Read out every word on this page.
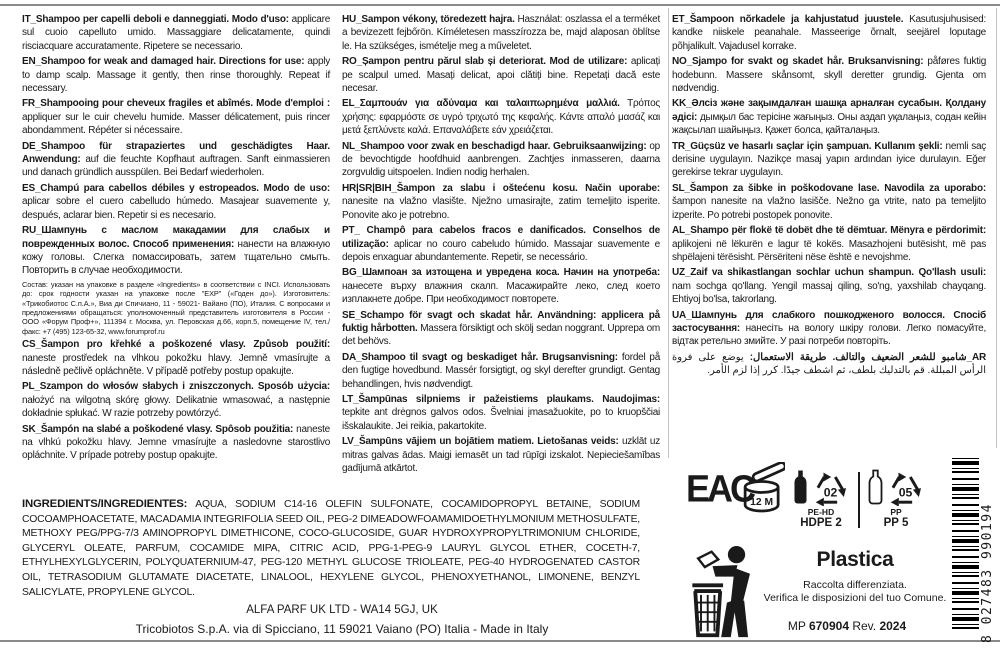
IT_Shampoo per capelli deboli e danneggiati. Modo d'uso: applicare sul cuoio capelluto umido. Massaggiare delicatamente, quindi risciacquare accuratamente. Ripetere se necessario.

EN_Shampoo for weak and damaged hair. Directions for use: apply to damp scalp. Massage it gently, then rinse thoroughly. Repeat if necessary.

FR_Shampooing pour cheveux fragiles et abîmés. Mode d'emploi : appliquer sur le cuir chevelu humide. Masser délicatement, puis rincer abondamment. Répéter si nécessaire.

DE_Shampoo für strapaziertes und geschädigtes Haar. Anwendung: auf die feuchte Kopfhaut auftragen. Sanft einmassieren und danach gründlich ausspülen. Bei Bedarf wiederholen.

ES_Champú para cabellos débiles y estropeados. Modo de uso: aplicar sobre el cuero cabelludo húmedo. Masajear suavemente y, después, aclarar bien. Repetir si es necesario.

RU_Шампунь с маслом макадамии для слабых и поврежденных волос. Способ применения: нанести на влажную кожу головы. Слегка помассировать, затем тщательно смыть. Повторить в случае необходимости.

Состав: указан на упаковке в разделе «Ingredients» в соответствии с INCI. Использовать до: срок годности указан на упаковке после "EXP" («Годен до»). Изготовитель: «Трикобиотос С.п.А.», Виа ди Спичиано, 11 - 59021- Вайано (ПО), Италия. С вопросами и предложениями обращаться: уполномоченный представитель изготовителя в России - ООО «Форум Проф+», 111394 г. Москва, ул. Перовская д.66, корп.5, помещение IV, тел./факс: +7 (495) 123-65-32, www.forumprof.ru

CS_Šampon pro křehké a poškozené vlasy. Způsob použití: naneste prostředek na vlhkou pokožku hlavy. Jemně vmasírujte a následně pečlivě opláchněte. V případě potřeby postup opakujte.

PL_Szampon do włosów słabych i zniszczonych. Sposób użycia: nałożyć na wilgotną skórę głowy. Delikatnie wmasować, a następnie dokładnie spłukać. W razie potrzeby powtórzyć.

SK_Šampón na slabé a poškodené vlasy. Spôsob použitia: naneste na vlhkú pokožku hlavy. Jemne vmasírujte a nasledovne starostlivo opláchnite. V prípade potreby postup opakujte.

HU_Sampon vékony, töredezett hajra. Használat: oszlassa el a terméket a bevizezett fejbőrön. Kíméletesen masszírozza be, majd alaposan öblítse le. Ha szükséges, ismételje meg a műveletet.

RO_Șampon pentru părul slab și deteriorat. Mod de utilizare: aplicați pe scalpul umed. Masați delicat, apoi clătiți bine. Repetați dacă este necesar.

EL_Σαμπουάν για αδύναμα και ταλαιπωρημένα μαλλιά. Τρόπος χρήσης: εφαρμόστε σε υγρό τριχωτό της κεφαλής. Κάντε απαλό μασάζ και μετά ξεπλύνετε καλά. Επαναλάβετε εάν χρειάζεται.

NL_Shampoo voor zwak en beschadigd haar. Gebruiksaanwijzing: op de bevochtigde hoofdhuid aanbrengen. Zachtjes inmasseren, daarna zorgvuldig uitspoelen. Indien nodig herhalen.

HR|SR|BIH_Šampon za slabu i oštećenu kosu. Način uporabe: nanesite na vlažno vlasište. Nježno umasirajte, zatim temeljito isperite. Ponovite ako je potrebno.

PT_ Champô para cabelos fracos e danificados. Conselhos de utilização: aplicar no couro cabeludo húmido. Massajar suavemente e depois enxaguar abundantemente. Repetir, se necessário.

BG_Шампоан за изтощена и увредена коса. Начин на употреба: нанесете върху влажния скалп. Масажирайте леко, след което изплакнете добре. При необходимост повторете.

SE_Schampo för svagt och skadat hår. Användning: applicera på fuktig hårbotten. Massera försiktigt och skölj sedan noggrant. Upprepa om det behövs.

DA_Shampoo til svagt og beskadiget hår. Brugsanvisning: fordel på den fugtige hovedbund. Massér forsigtigt, og skyl derefter grundigt. Gentag behandlingen, hvis nødvendigt.

LT_Šampūnas silpniems ir pažeistiems plaukams. Naudojimas: tepkite ant drėgnos galvos odos. Švelniai įmasažuokite, po to kruopščiai išskalaukite. Jei reikia, pakartokite.

LV_Šampūns vājiem un bojātiem matiem. Lietošanas veids: uzklāt uz mitras galvas ādas. Maigi iemasēt un tad rūpīgi izskalot. Nepieciešamības gadījumā atkārtot.

ET_Šampoon nõrkadele ja kahjustatud juustele. Kasutusjuhusised: kandke niiskele peanahale. Masseerige õrnalt, seejärel loputage põhjalikult. Vajadusel korrake.

NO_Sjampo for svakt og skadet hår. Bruksanvisning: påføres fuktig hodebunn. Massere skånsomt, skyll deretter grundig. Gjenta om nødvendig.

KK_Әлсіз және зақымдалған шашқа арналған сусабын. Қолдану әдісі: дымқыл бас терісіне жағыңыз. Оны аздап уқалаңыз, содан кейін жақсылап шайыңыз. Қажет болса, қайталаңыз.

TR_Güçsüz ve hasarlı saçlar için şampuan. Kullanım şekli: nemli saç derisine uygulayın. Nazikçe masaj yapın ardından iyice durulayın. Eğer gerekirse tekrar uygulayın.

SL_Šampon za šibke in poškodovane lase. Navodila za uporabo: šampon nanesite na vlažno lasišče. Nežno ga vtrite, nato pa temeljito izperite. Po potrebi postopek ponovite.

AL_Shampo për flokë të dobët dhe të dëmtuar. Mënyra e përdorimit: aplikojeni në lëkurën e lagur të kokës. Masazhojeni butësisht, më pas shpëlajeni tërësisht. Përsëriteni nëse është e nevojshme.

UZ_Zaif va shikastlangan sochlar uchun shampun. Qo'llash usuli: nam sochga qo'llang. Yengil massaj qiling, so'ng, yaxshilab chayqang. Ehtiyoj bo'lsa, takrorlang.

UA_Шампунь для слабкого пошкодженого волосся. Спосіб застосування: нанесіть на вологу шкіру голови. Легко помасуйте, відтак ретельно змийте. У разі потреби повторіть.

AR_شامبو للشعر الضعيف والتالف. طريقة الاستعمال: يوضع على فروة الرأس المبللة. قم بالتدليك بلطف، ثم اشطف جيدًا. كرر إذا لزم الأمر.

INGREDIENTS/INGREDIENTES: AQUA, SODIUM C14-16 OLEFIN SULFONATE, COCAMIDOPROPYL BETAINE, SODIUM COCOAMPHOACETATE, MACADAMIA INTEGRIFOLIA SEED OIL, PEG-2 DIMEADOWFOAMAMIDOETHYLMONIUM METHOSULFATE, METHOXY PEG/PPG-7/3 AMINOPROPYL DIMETHICONE, COCO-GLUCOSIDE, GUAR HYDROXYPROPYLTRIMONIUM CHLORIDE, GLYCERYL OLEATE, PARFUM, COCAMIDE MIPA, CITRIC ACID, PPG-1-PEG-9 LAURYL GLYCOL ETHER, COCETH-7, ETHYLHEXYLGLYCERIN, POLYQUATERNIUM-47, PEG-120 METHYL GLUCOSE TRIOLEATE, PEG-40 HYDROGENATED CASTOR OIL, TETRASODIUM GLUTAMATE DIACETATE, LINALOOL, HEXYLENE GLYCOL, PHENOXYETHANOL, LIMONENE, BENZYL SALICYLATE, PROPYLENE GLYCOL.

ALFA PARF UK LTD - WA14 5GJ, UK
Tricobiotos S.p.A. via di Spicciano, 11 59021 Vaiano (PO) Italia - Made in Italy
EAC
12 M
02
PE-HD
HDPE 2
05
PP
PP 5
Plastica
Raccolta differenziata.
Verifica le disposizioni del tuo Comune.
MP 670904 Rev. 2024	8 027483 990194
